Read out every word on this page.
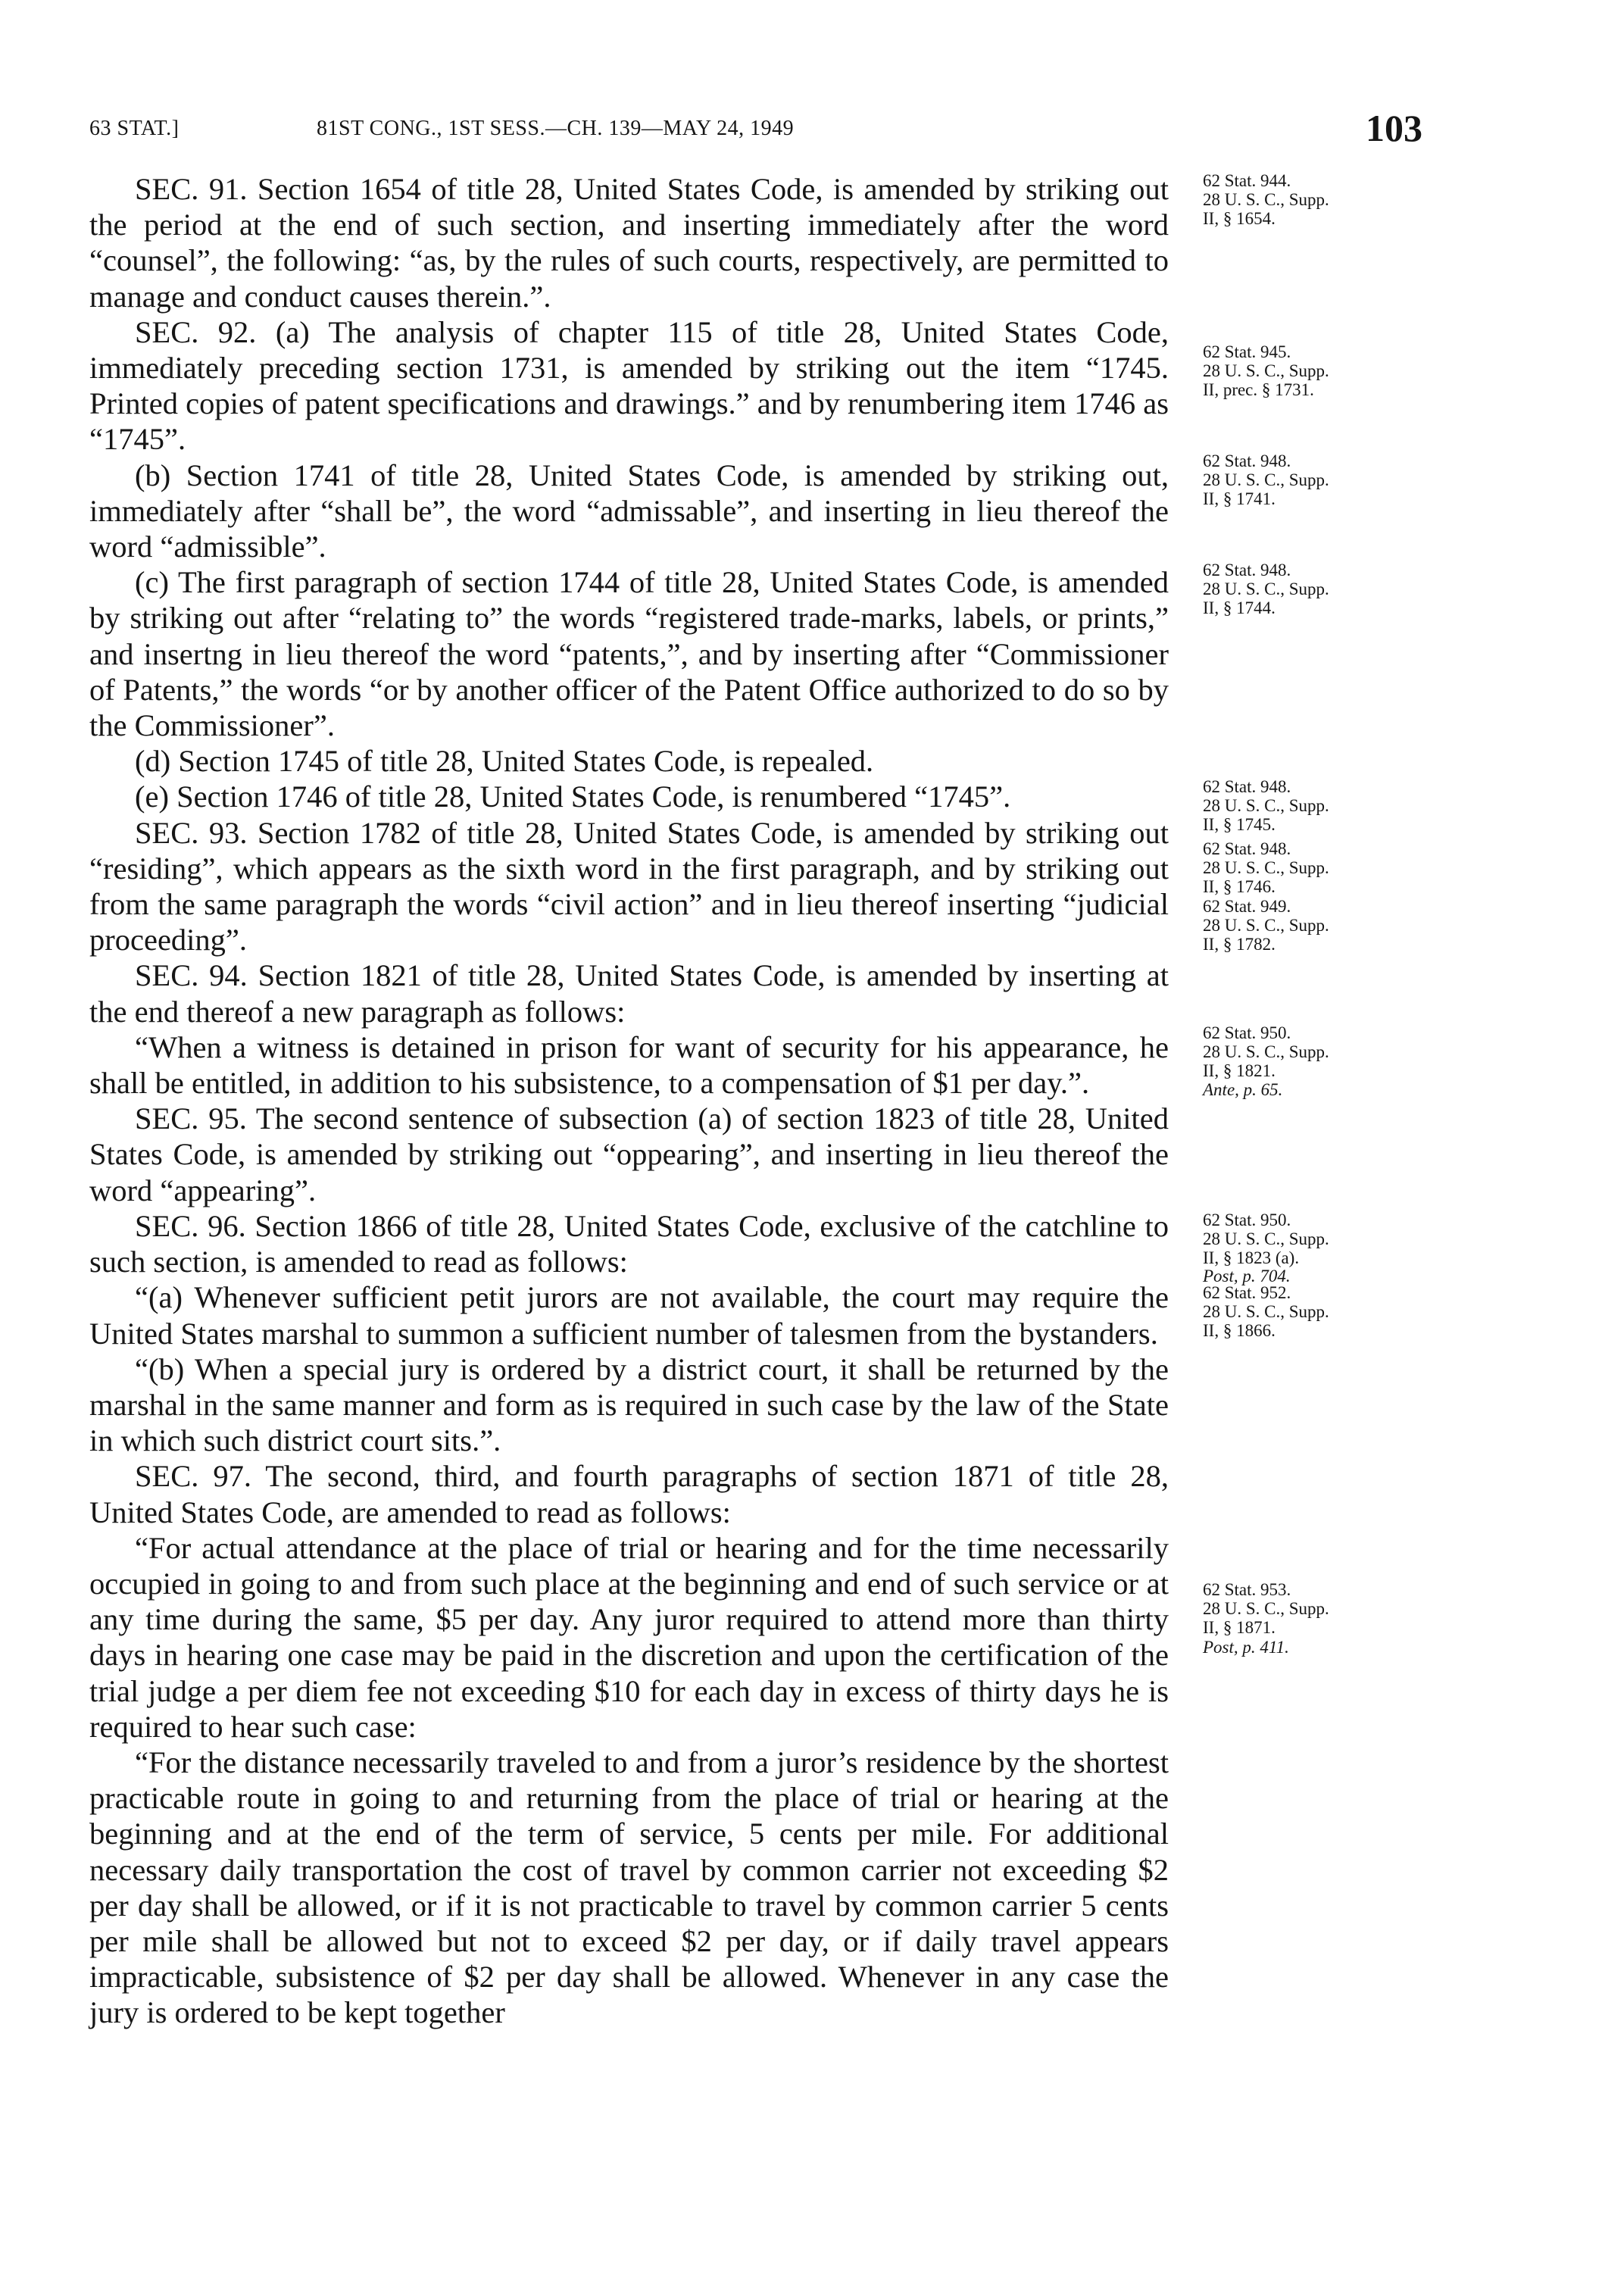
63 STAT.]	81ST CONG., 1ST SESS.—CH. 139—MAY 24, 1949	103

SEC. 91. Section 1654 of title 28, United States Code, is amended by striking out the period at the end of such section, and inserting immediately after the word “counsel”, the following: “as, by the rules of such courts, respectively, are permitted to manage and conduct causes therein.”.

SEC. 92. (a) The analysis of chapter 115 of title 28, United States Code, immediately preceding section 1731, is amended by striking out the item “1745. Printed copies of patent specifications and drawings.” and by renumbering item 1746 as “1745”.

(b) Section 1741 of title 28, United States Code, is amended by striking out, immediately after “shall be”, the word “admissable”, and inserting in lieu thereof the word “admissible”.

(c) The first paragraph of section 1744 of title 28, United States Code, is amended by striking out after “relating to” the words “registered trade-marks, labels, or prints,” and insertng in lieu thereof the word “patents,”, and by inserting after “Commissioner of Patents,” the words “or by another officer of the Patent Office authorized to do so by the Commissioner”.

(d) Section 1745 of title 28, United States Code, is repealed.

(e) Section 1746 of title 28, United States Code, is renumbered “1745”.

SEC. 93. Section 1782 of title 28, United States Code, is amended by striking out “residing”, which appears as the sixth word in the first paragraph, and by striking out from the same paragraph the words “civil action” and in lieu thereof inserting “judicial proceeding”.

SEC. 94. Section 1821 of title 28, United States Code, is amended by inserting at the end thereof a new paragraph as follows:

“When a witness is detained in prison for want of security for his appearance, he shall be entitled, in addition to his subsistence, to a compensation of $1 per day.”.

SEC. 95. The second sentence of subsection (a) of section 1823 of title 28, United States Code, is amended by striking out “oppearing”, and inserting in lieu thereof the word “appearing”.

SEC. 96. Section 1866 of title 28, United States Code, exclusive of the catchline to such section, is amended to read as follows:

“(a) Whenever sufficient petit jurors are not available, the court may require the United States marshal to summon a sufficient number of talesmen from the bystanders.

“(b) When a special jury is ordered by a district court, it shall be returned by the marshal in the same manner and form as is required in such case by the law of the State in which such district court sits.”.

SEC. 97. The second, third, and fourth paragraphs of section 1871 of title 28, United States Code, are amended to read as follows:

“For actual attendance at the place of trial or hearing and for the time necessarily occupied in going to and from such place at the beginning and end of such service or at any time during the same, $5 per day. Any juror required to attend more than thirty days in hearing one case may be paid in the discretion and upon the certification of the trial judge a per diem fee not exceeding $10 for each day in excess of thirty days he is required to hear such case:

“For the distance necessarily traveled to and from a juror’s residence by the shortest practicable route in going to and returning from the place of trial or hearing at the beginning and at the end of the term of service, 5 cents per mile. For additional necessary daily transportation the cost of travel by common carrier not exceeding $2 per day shall be allowed, or if it is not practicable to travel by common carrier 5 cents per mile shall be allowed but not to exceed $2 per day, or if daily travel appears impracticable, subsistence of $2 per day shall be allowed. Whenever in any case the jury is ordered to be kept together

62 Stat. 944.
28 U. S. C., Supp.
II, § 1654.
62 Stat. 945.
28 U. S. C., Supp.
II, prec. § 1731.
62 Stat. 948.
28 U. S. C., Supp.
II, § 1741.
62 Stat. 948.
28 U. S. C., Supp.
II, § 1744.
62 Stat. 948.
28 U. S. C., Supp.
II, § 1745.
62 Stat. 948.
28 U. S. C., Supp.
II, § 1746.
62 Stat. 949.
28 U. S. C., Supp.
II, § 1782.
62 Stat. 950.
28 U. S. C., Supp.
II, § 1821.
Ante, p. 65.
62 Stat. 950.
28 U. S. C., Supp.
II, § 1823 (a).
Post, p. 704.
62 Stat. 952.
28 U. S. C., Supp.
II, § 1866.
62 Stat. 953.
28 U. S. C., Supp.
II, § 1871.
Post, p. 411.
